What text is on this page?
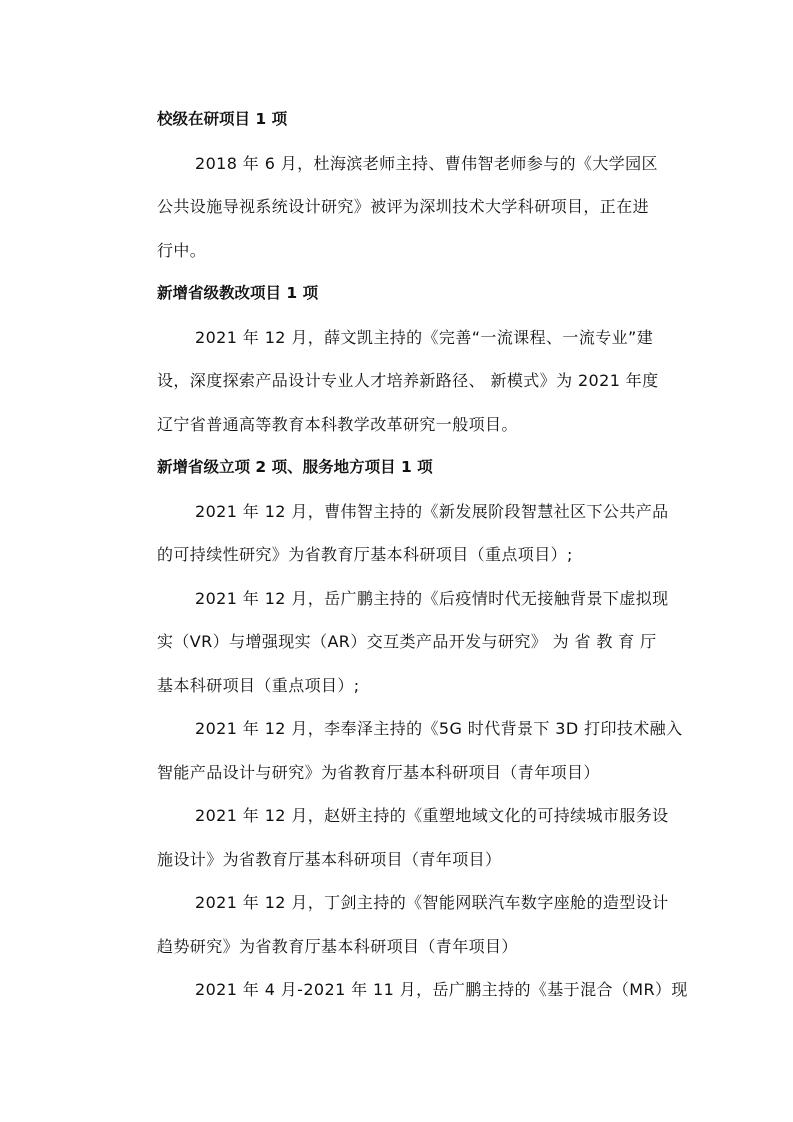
校级在研项目 1 项
2018 年 6 月，杜海滨老师主持、曹伟智老师参与的《大学园区
公共设施导视系统设计研究》被评为深圳技术大学科研项目，正在进
行中。
新增省级教改项目 1 项
2021 年 12 月，薛文凯主持的《完善“一流课程、一流专业”建
设，深度探索产品设计专业人才培养新路径、 新模式》为 2021 年度
辽宁省普通高等教育本科教学改革研究一般项目。
新增省级立项 2 项、服务地方项目 1 项
2021 年 12 月，曹伟智主持的《新发展阶段智慧社区下公共产品
的可持续性研究》为省教育厅基本科研项目（重点项目）;
2021 年 12 月，岳广鹏主持的《后疫情时代无接触背景下虚拟现
实（VR）与增强现实（AR）交互类产品开发与研究》 为 省 教 育 厅
基本科研项目（重点项目）;
2021 年 12 月，李奉泽主持的《5G 时代背景下 3D 打印技术融入
智能产品设计与研究》为省教育厅基本科研项目（青年项目）
2021 年 12 月，赵妍主持的《重塑地域文化的可持续城市服务设
施设计》为省教育厅基本科研项目（青年项目）
2021 年 12 月，丁剑主持的《智能网联汽车数字座舱的造型设计
趋势研究》为省教育厅基本科研项目（青年项目）
2021 年 4 月-2021 年 11 月，岳广鹏主持的《基于混合（MR）现
